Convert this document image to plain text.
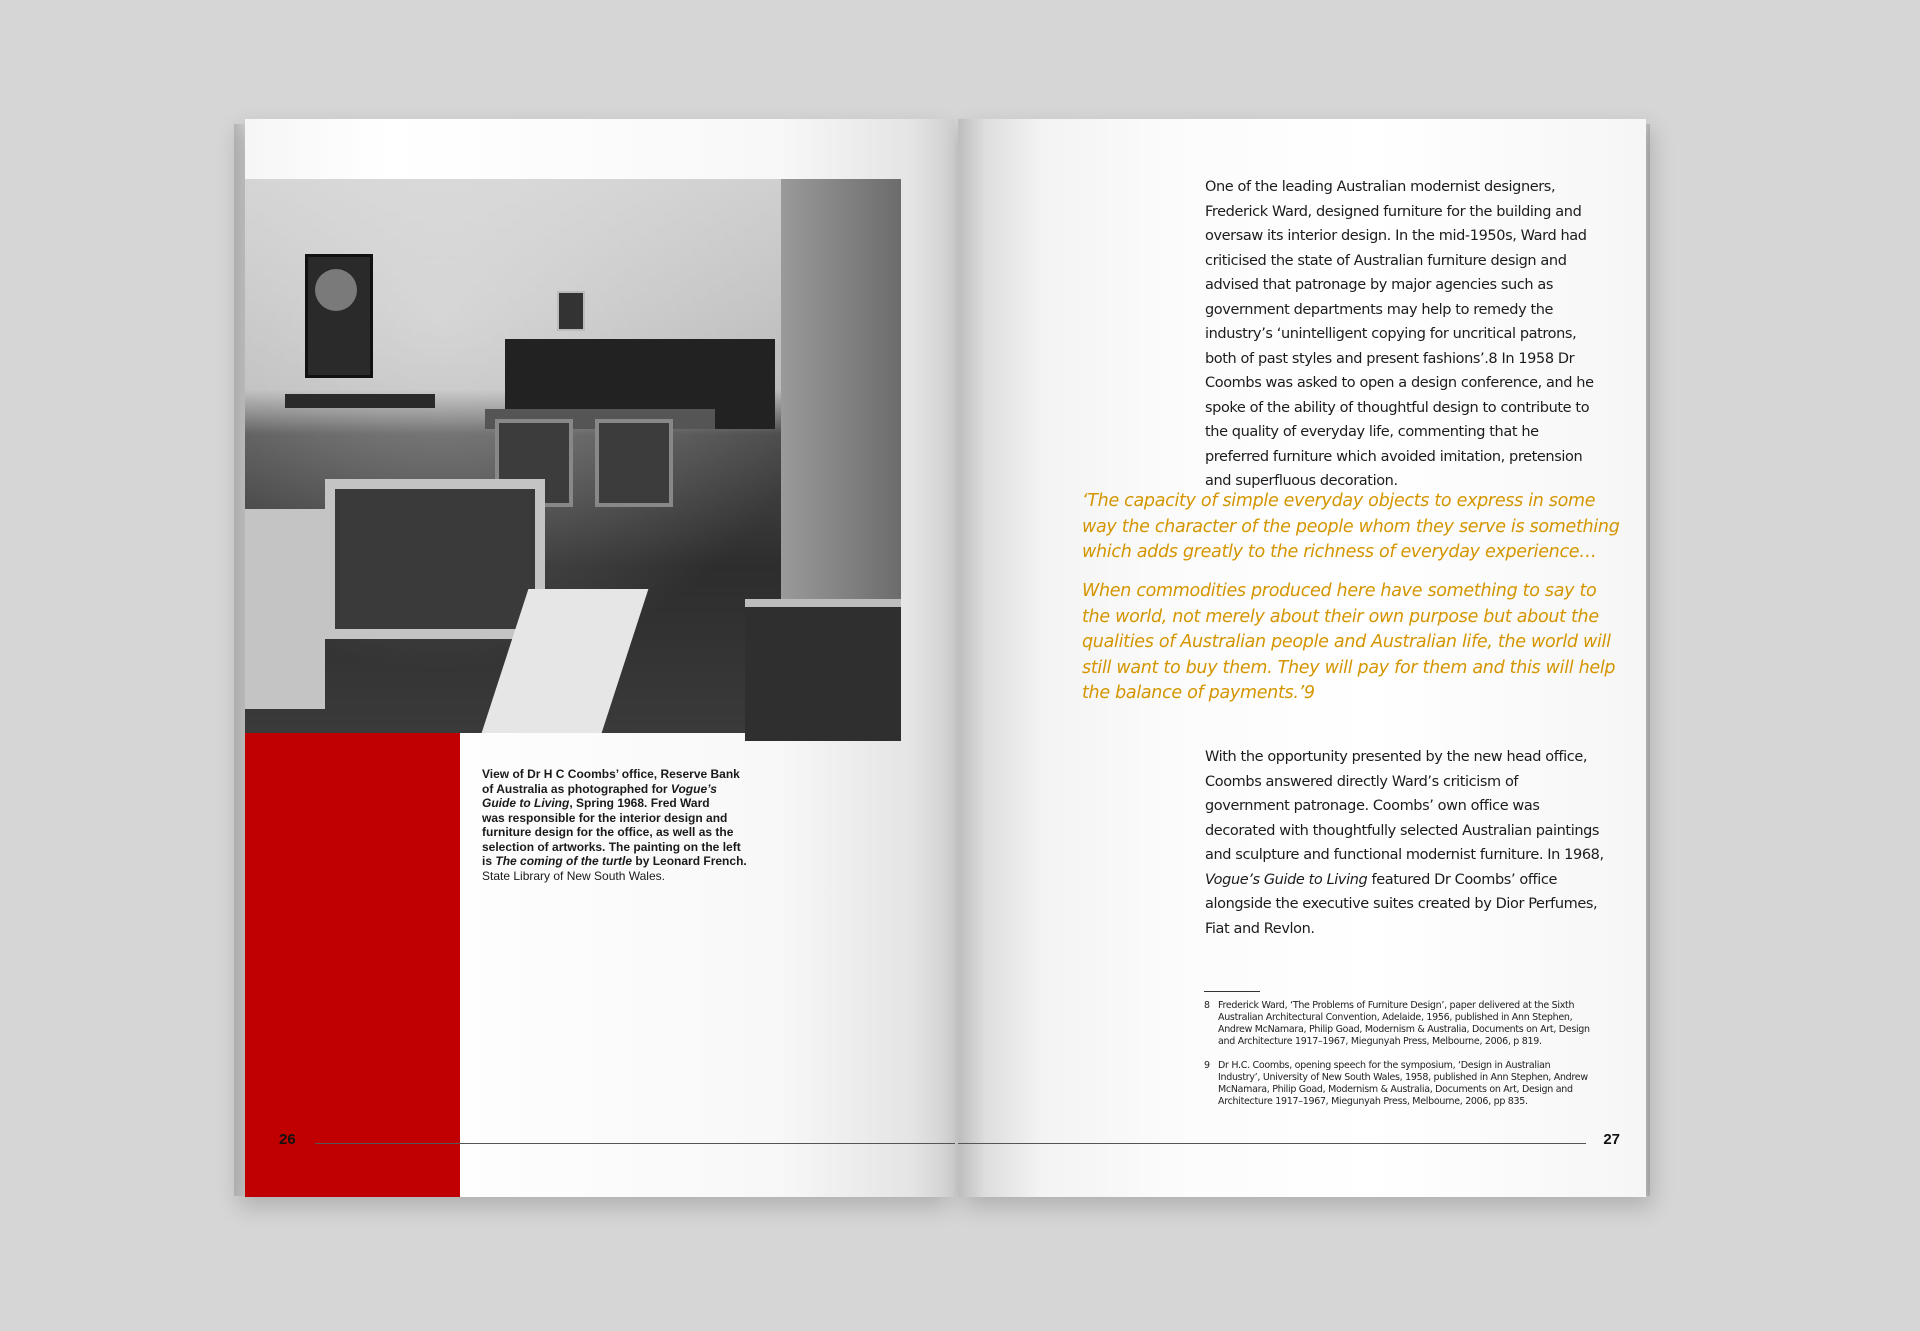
View of Dr H C Coombs’ office, Reserve Bank
of Australia as photographed for Vogue’s
Guide to Living, Spring 1968. Fred Ward
was responsible for the interior design and
furniture design for the office, as well as the
selection of artworks. The painting on the left
is The coming of the turtle by Leonard French.
State Library of New South Wales.
26
One of the leading Australian modernist designers, Frederick Ward, designed furniture for the building and oversaw its interior design. In the mid-1950s, Ward had criticised the state of Australian furniture design and advised that patronage by major agencies such as government departments may help to remedy the industry’s ‘unintelligent copying for uncritical patrons, both of past styles and present fashions’.8 In 1958 Dr Coombs was asked to open a design conference, and he spoke of the ability of thoughtful design to contribute to the quality of everyday life, commenting that he preferred furniture which avoided imitation, pretension and superfluous decoration.
‘The capacity of simple everyday objects to express in some way the character of the people whom they serve is something which adds greatly to the richness of everyday experience…
When commodities produced here have something to say to the world, not merely about their own purpose but about the qualities of Australian people and Australian life, the world will still want to buy them. They will pay for them and this will help the balance of payments.’9
With the opportunity presented by the new head office, Coombs answered directly Ward’s criticism of government patronage. Coombs’ own office was decorated with thoughtfully selected Australian paintings and sculpture and functional modernist furniture. In 1968, Vogue’s Guide to Living featured Dr Coombs’ office alongside the executive suites created by Dior Perfumes, Fiat and Revlon.
8 Frederick Ward, ‘The Problems of Furniture Design’, paper delivered at the Sixth Australian Architectural Convention, Adelaide, 1956, published in Ann Stephen, Andrew McNamara, Philip Goad, Modernism & Australia, Documents on Art, Design and Architecture 1917–1967, Miegunyah Press, Melbourne, 2006, p 819.
9 Dr H.C. Coombs, opening speech for the symposium, ‘Design in Australian Industry’, University of New South Wales, 1958, published in Ann Stephen, Andrew McNamara, Philip Goad, Modernism & Australia, Documents on Art, Design and Architecture 1917–1967, Miegunyah Press, Melbourne, 2006, pp 835.
27
